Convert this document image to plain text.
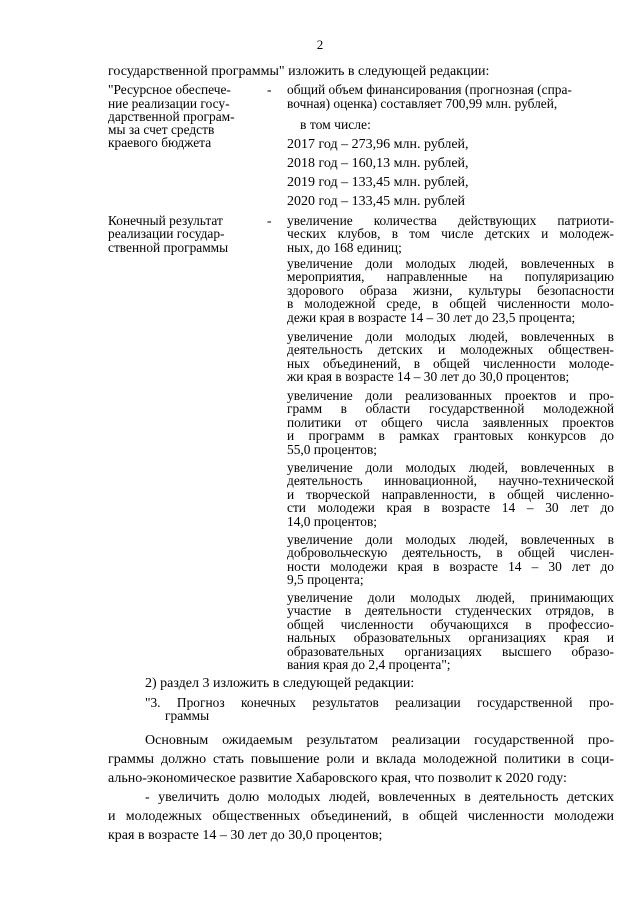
2
государственной программы" изложить в следующей редакции:
"Ресурсное обеспече-
ние реализации госу-
дарственной програм-
мы за счет средств
краевого бюджета
- общий объем финансирования (прогнозная (спра-
вочная) оценка) составляет 700,99 млн. рублей,
в том числе:
2017 год – 273,96 млн. рублей,
2018 год – 160,13 млн. рублей,
2019 год – 133,45 млн. рублей,
2020 год – 133,45 млн. рублей
Конечный результат
реализации государ-
ственной программы
- увеличение количества действующих патриоти-
ческих клубов, в том числе детских и молодеж-
ных, до 168 единиц;
увеличение доли молодых людей, вовлеченных в
мероприятия, направленные на популяризацию
здорового образа жизни, культуры безопасности
в молодежной среде, в общей численности моло-
дежи края в возрасте 14 – 30 лет до 23,5 процента;
увеличение доли молодых людей, вовлеченных в
деятельность детских и молодежных обществен-
ных объединений, в общей численности молоде-
жи края в возрасте 14 – 30 лет до 30,0 процентов;
увеличение доли реализованных проектов и про-
грамм в области государственной молодежной
политики от общего числа заявленных проектов
и программ в рамках грантовых конкурсов до
55,0 процентов;
увеличение доли молодых людей, вовлеченных в
деятельность инновационной, научно-технической
и творческой направленности, в общей численно-
сти молодежи края в возрасте 14 – 30 лет до
14,0 процентов;
увеличение доли молодых людей, вовлеченных в
добровольческую деятельность, в общей числен-
ности молодежи края в возрасте 14 – 30 лет до
9,5 процента;
увеличение доли молодых людей, принимающих
участие в деятельности студенческих отрядов, в
общей численности обучающихся в профессио-
нальных образовательных организациях края и
образовательных организациях высшего образо-
вания края до 2,4 процента";
2) раздел 3 изложить в следующей редакции:
"3. Прогноз конечных результатов реализации государственной про-
граммы
Основным ожидаемым результатом реализации государственной про-
граммы должно стать повышение роли и вклада молодежной политики в соци-
ально-экономическое развитие Хабаровского края, что позволит к 2020 году:
- увеличить долю молодых людей, вовлеченных в деятельность детских
и молодежных общественных объединений, в общей численности молодежи
края в возрасте 14 – 30 лет до 30,0 процентов;
